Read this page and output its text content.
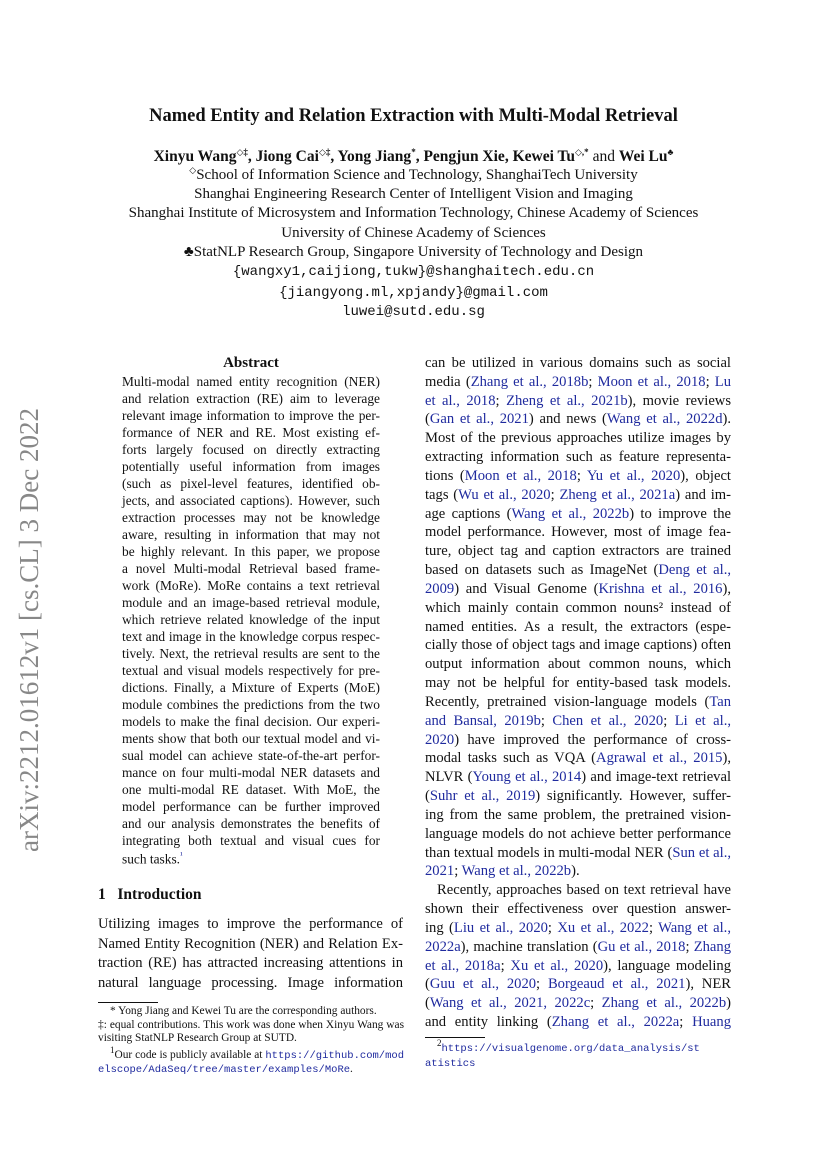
arXiv:2212.01612v1 [cs.CL] 3 Dec 2022
Named Entity and Relation Extraction with Multi-Modal Retrieval
Xinyu Wang◇‡, Jiong Cai◇‡, Yong Jiang*, Pengjun Xie, Kewei Tu◇,* and Wei Lu♣
◇School of Information Science and Technology, ShanghaiTech University
Shanghai Engineering Research Center of Intelligent Vision and Imaging
Shanghai Institute of Microsystem and Information Technology, Chinese Academy of Sciences
University of Chinese Academy of Sciences
♣StatNLP Research Group, Singapore University of Technology and Design
{wangxy1,caijiong,tukw}@shanghaitech.edu.cn
{jiangyong.ml,xpjandy}@gmail.com
luwei@sutd.edu.sg
Abstract
Multi-modal named entity recognition (NER)
and relation extraction (RE) aim to leverage
relevant image information to improve the per-
formance of NER and RE. Most existing ef-
forts largely focused on directly extracting
potentially useful information from images
(such as pixel-level features, identified ob-
jects, and associated captions). However, such
extraction processes may not be knowledge
aware, resulting in information that may not
be highly relevant. In this paper, we propose
a novel Multi-modal Retrieval based frame-
work (MoRe). MoRe contains a text retrieval
module and an image-based retrieval module,
which retrieve related knowledge of the input
text and image in the knowledge corpus respec-
tively. Next, the retrieval results are sent to the
textual and visual models respectively for pre-
dictions. Finally, a Mixture of Experts (MoE)
module combines the predictions from the two
models to make the final decision. Our experi-
ments show that both our textual model and vi-
sual model can achieve state-of-the-art perfor-
mance on four multi-modal NER datasets and
one multi-modal RE dataset. With MoE, the
model performance can be further improved
and our analysis demonstrates the benefits of
integrating both textual and visual cues for
such tasks.$^{^1}$
1 Introduction
Utilizing images to improve the performance of
Named Entity Recognition (NER) and Relation Ex-
traction (RE) has attracted increasing attentions in
natural language processing. Image information
can be utilized in various domains such as social
media (Zhang et al., 2018b; Moon et al., 2018; Lu
et al., 2018; Zheng et al., 2021b), movie reviews
(Gan et al., 2021) and news (Wang et al., 2022d).
Most of the previous approaches utilize images by
extracting information such as feature representa-
tions (Moon et al., 2018; Yu et al., 2020), object
tags (Wu et al., 2020; Zheng et al., 2021a) and im-
age captions (Wang et al., 2022b) to improve the
model performance. However, most of image fea-
ture, object tag and caption extractors are trained
based on datasets such as ImageNet (Deng et al.,
2009) and Visual Genome (Krishna et al., 2016),
which mainly contain common nouns² instead of
named entities. As a result, the extractors (espe-
cially those of object tags and image captions) often
output information about common nouns, which
may not be helpful for entity-based task models.
Recently, pretrained vision-language models (Tan
and Bansal, 2019b; Chen et al., 2020; Li et al.,
2020) have improved the performance of cross-
modal tasks such as VQA (Agrawal et al., 2015),
NLVR (Young et al., 2014) and image-text retrieval
(Suhr et al., 2019) significantly. However, suffer-
ing from the same problem, the pretrained vision-
language models do not achieve better performance
than textual models in multi-modal NER (Sun et al.,
2021; Wang et al., 2022b).
Recently, approaches based on text retrieval have
shown their effectiveness over question answer-
ing (Liu et al., 2020; Xu et al., 2022; Wang et al.,
2022a), machine translation (Gu et al., 2018; Zhang
et al., 2018a; Xu et al., 2020), language modeling
(Guu et al., 2020; Borgeaud et al., 2021), NER
(Wang et al., 2021, 2022c; Zhang et al., 2022b)
and entity linking (Zhang et al., 2022a; Huang
* Yong Jiang and Kewei Tu are the corresponding authors.
‡: equal contributions. This work was done when Xinyu Wang was visiting StatNLP Research Group at SUTD.
$^1$Our code is publicly available at https://github.com/modelscope/AdaSeq/tree/master/examples/MoRe.
$^2$https://visualgenome.org/data_analysis/statistics
